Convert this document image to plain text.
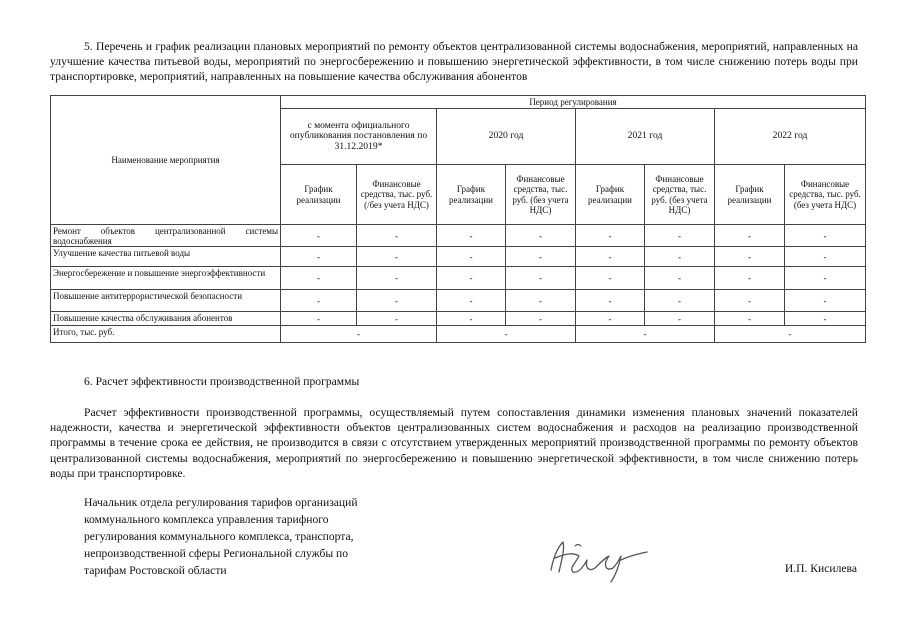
5. Перечень и график реализации плановых мероприятий по ремонту объектов централизованной системы водоснабжения, мероприятий, направленных на улучшение качества питьевой воды, мероприятий по энергосбережению и повышению энергетической эффективности, в том числе снижению потерь воды при транспортировке, мероприятий, направленных на повышение качества обслуживания абонентов

Наименование мероприятия	Период регулирования							
	с момента официального опубликования постановления по 31.12.2019*		2020 год		2021 год		2022 год	
	График реализации	Финансовые средства, тыс. руб. (/без учета НДС)	График реализации	Финансовые средства, тыс. руб. (без учета НДС)	График реализации	Финансовые средства, тыс. руб. (без учета НДС)	График реализации	Финансовые средства, тыс. руб. (без учета НДС)
Ремонт объектов централизованной системы водоснабжения	-	-	-	-	-	-	-	-
Улучшение качества питьевой воды	-	-	-	-	-	-	-	-
Энергосбережение и повышение энергоэффективности	-	-	-	-	-	-	-	-
Повышение антитеррористической безопасности	-	-	-	-	-	-	-	-
Повышение качества обслуживания абонентов	-	-	-	-	-	-	-	-
Итого, тыс. руб.	-		-		-		-	

6. Расчет эффективности производственной программы

Расчет эффективности производственной программы, осуществляемый путем сопоставления динамики изменения плановых значений показателей надежности, качества и энергетической эффективности объектов централизованных систем водоснабжения и расходов на реализацию производственной программы в течение срока ее действия, не производится в связи с отсутствием утвержденных мероприятий производственной программы по ремонту объектов централизованной системы водоснабжения, мероприятий по энергосбережению и повышению энергетической эффективности, в том числе снижению потерь воды при транспортировке.

Начальник отдела регулирования тарифов организаций
коммунального комплекса управления тарифного
регулирования коммунального комплекса, транспорта,
непроизводственной сферы Региональной службы по
тарифам Ростовской области	И.П. Кисилева
